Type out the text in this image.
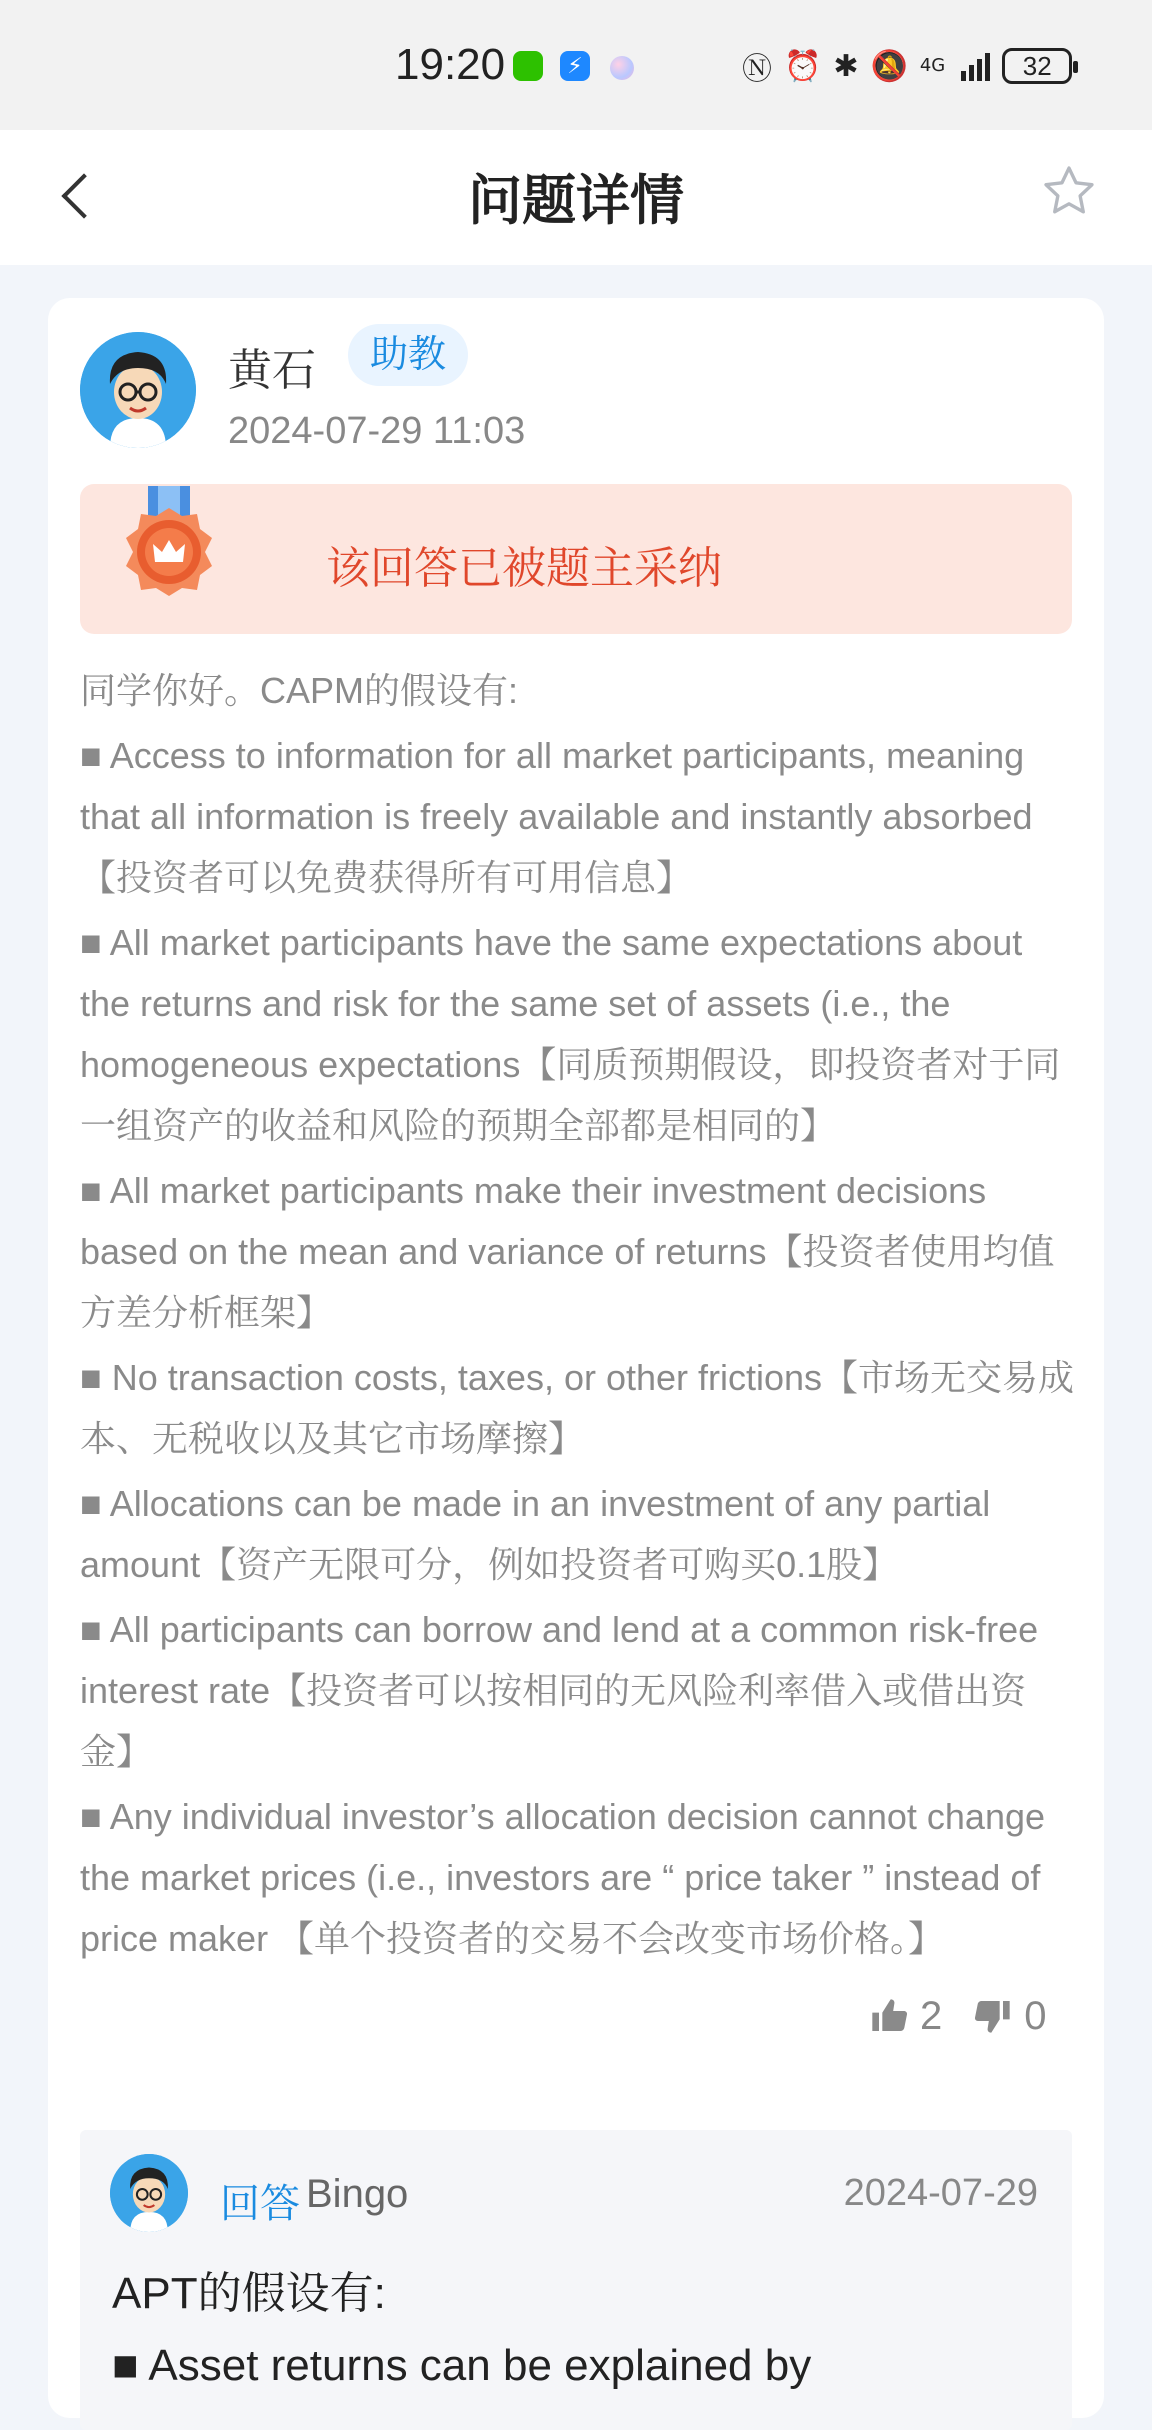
19:20	⚡	Ⓝ ⏰ ✱ 🔕 4G	32
问题详情
黄石	助教
2024-07-29 11:03
该回答已被题主采纳

同学你好。CAPM的假设有:

■ Access to information for all market participants, meaning that all information is freely available and instantly absorbed【投资者可以免费获得所有可用信息】

■ All market participants have the same expectations about the returns and risk for the same set of assets (i.e., the homogeneous expectations【同质预期假设，即投资者对于同一组资产的收益和风险的预期全部都是相同的】

■ All market participants make their investment decisions based on the mean and variance of returns【投资者使用均值方差分析框架】

■ No transaction costs, taxes, or other frictions【市场无交易成本、无税收以及其它市场摩擦】

■ Allocations can be made in an investment of any partial amount【资产无限可分，例如投资者可购买0.1股】

■ All participants can borrow and lend at a common risk-free interest rate【投资者可以按相同的无风险利率借入或借出资金】

■ Any individual investor’s allocation decision cannot change the market prices (i.e., investors are “ price taker ” instead of price maker 【单个投资者的交易不会改变市场价格。】

2 0
回答 Bingo	2024-07-29
APT的假设有:
■ Asset returns can be explained by
